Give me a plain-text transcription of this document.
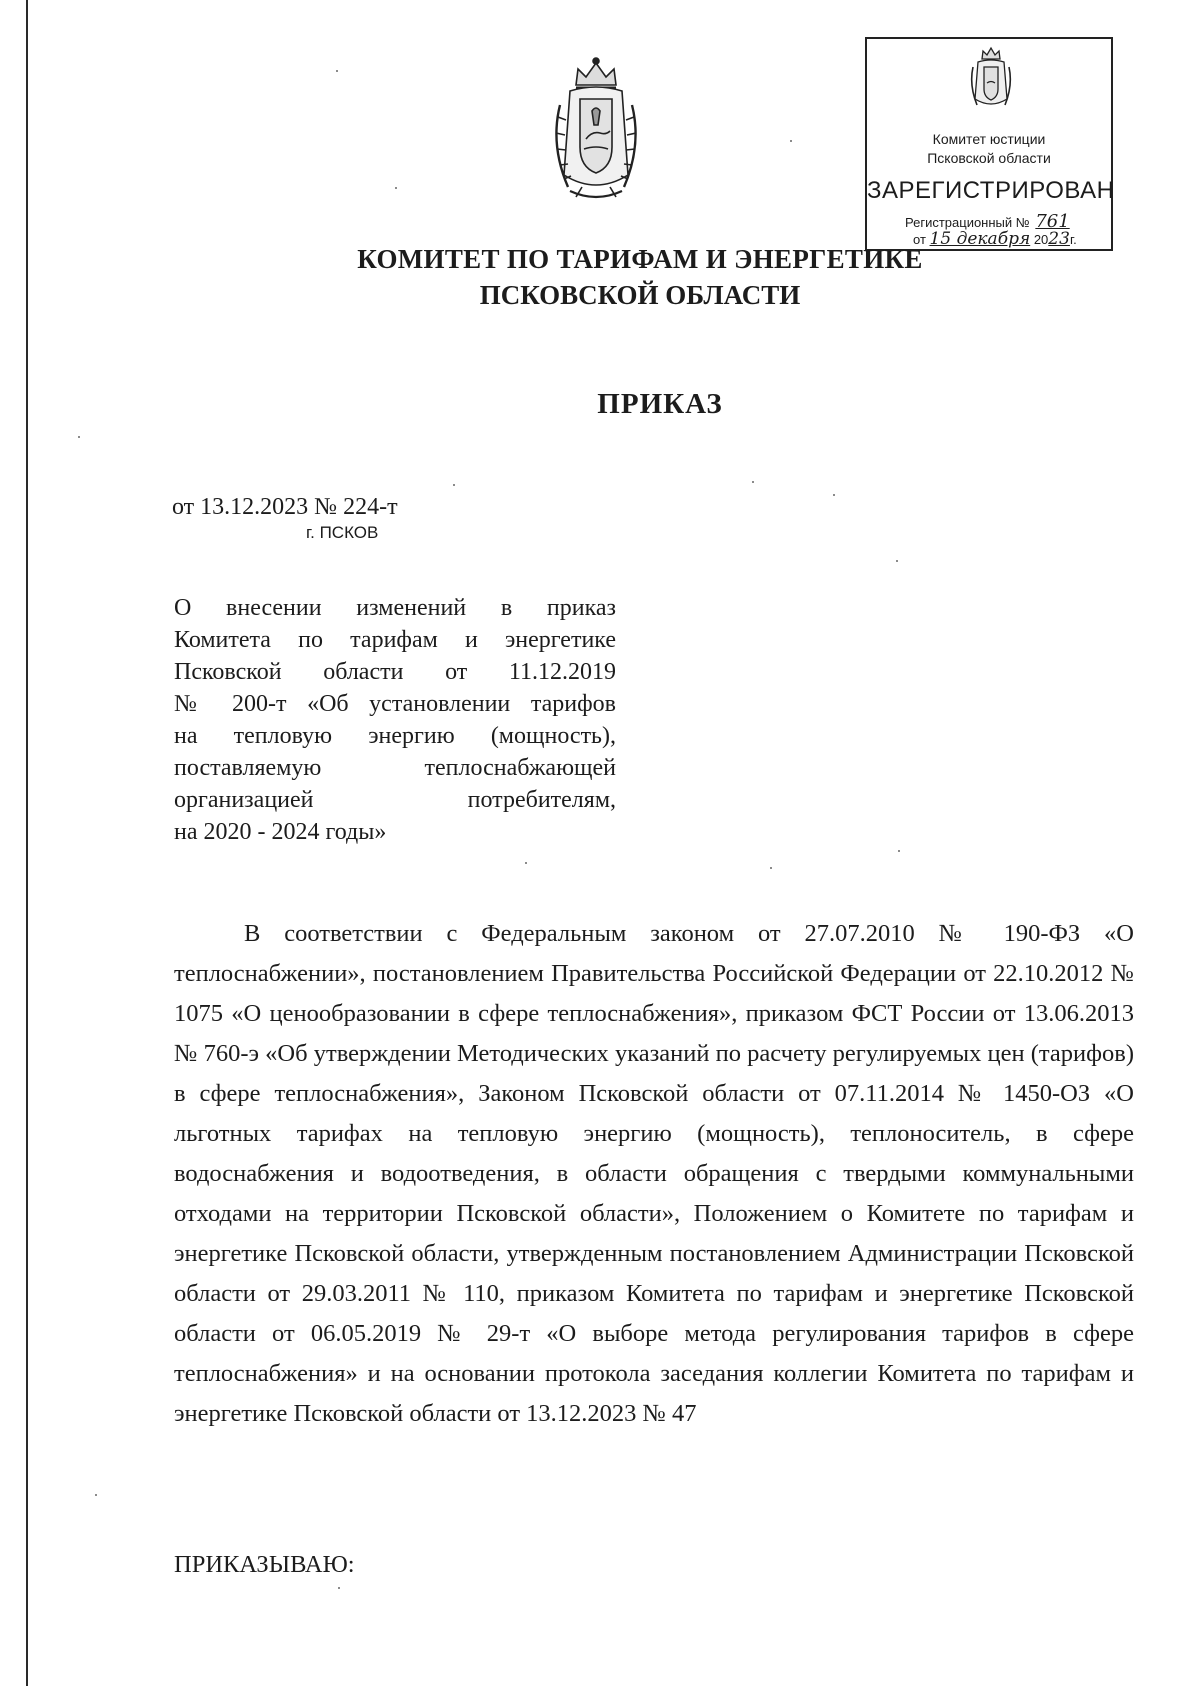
Комитет юстиции
Псковской области
ЗАРЕГИСТРИРОВАН
Регистрационный № 761
от 15 декабря 2023г.
КОМИТЕТ ПО ТАРИФАМ И ЭНЕРГЕТИКЕ
ПСКОВСКОЙ ОБЛАСТИ
ПРИКАЗ
от 13.12.2023 № 224-т
г. ПСКОВ
О внесении изменений в приказ
Комитета по тарифам и энергетике
Псковской области от 11.12.2019
№ 200-т «Об установлении тарифов
на тепловую энергию (мощность),
поставляемую теплоснабжающей
организацией потребителям,
на 2020 - 2024 годы»
В соответствии с Федеральным законом от 27.07.2010 № 190-ФЗ «О теплоснабжении», постановлением Правительства Российской Федерации от 22.10.2012 № 1075 «О ценообразовании в сфере теплоснабжения», приказом ФСТ России от 13.06.2013 № 760-э «Об утверждении Методических указаний по расчету регулируемых цен (тарифов) в сфере теплоснабжения», Законом Псковской области от 07.11.2014 № 1450-ОЗ «О льготных тарифах на тепловую энергию (мощность), теплоноситель, в сфере водоснабжения и водоотведения, в области обращения с твердыми коммунальными отходами на территории Псковской области», Положением о Комитете по тарифам и энергетике Псковской области, утвержденным постановлением Администрации Псковской области от 29.03.2011 № 110, приказом Комитета по тарифам и энергетике Псковской области от 06.05.2019 № 29-т «О выборе метода регулирования тарифов в сфере теплоснабжения» и на основании протокола заседания коллегии Комитета по тарифам и энергетике Псковской области от 13.12.2023 № 47
ПРИКАЗЫВАЮ:
